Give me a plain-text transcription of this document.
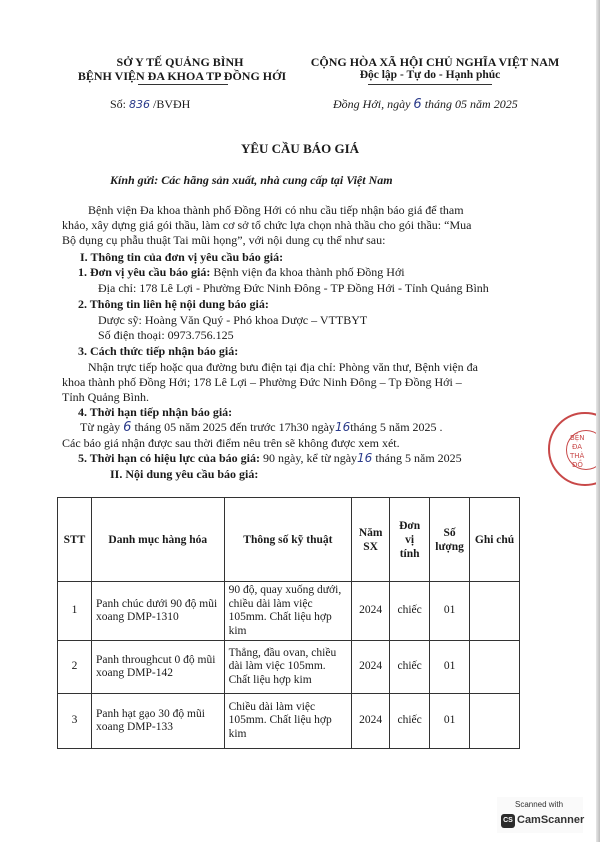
SỞ Y TẾ QUẢNG BÌNH
BỆNH VIỆN ĐA KHOA TP ĐỒNG HỚI
Số: 836 /BVĐH
CỘNG HÒA XÃ HỘI CHỦ NGHĨA VIỆT NAM
Độc lập - Tự do - Hạnh phúc
Đồng Hới, ngày 6 tháng 05 năm 2025
YÊU CẦU BÁO GIÁ
Kính gửi: Các hãng sản xuất, nhà cung cấp tại Việt Nam
Bệnh viện Đa khoa thành phố Đồng Hới có nhu cầu tiếp nhận báo giá để tham
khảo, xây dựng giá gói thầu, làm cơ sở tổ chức lựa chọn nhà thầu cho gói thầu: “Mua
Bộ dụng cụ phẫu thuật Tai mũi họng”, với nội dung cụ thể như sau:
I. Thông tin của đơn vị yêu cầu báo giá:
1. Đơn vị yêu cầu báo giá: Bệnh viện đa khoa thành phố Đồng Hới
Địa chỉ: 178 Lê Lợi - Phường Đức Ninh Đông - TP Đồng Hới - Tỉnh Quảng Bình
2. Thông tin liên hệ nội dung báo giá:
Dược sỹ: Hoàng Văn Quý - Phó khoa Dược – VTTBYT
Số điện thoại: 0973.756.125
3. Cách thức tiếp nhận báo giá:
Nhận trực tiếp hoặc qua đường bưu điện tại địa chỉ: Phòng văn thư, Bệnh viện đa
khoa thành phố Đồng Hới; 178 Lê Lợi – Phường Đức Ninh Đông – Tp Đồng Hới –
Tỉnh Quảng Bình.
4. Thời hạn tiếp nhận báo giá:
Từ ngày 6 tháng 05 năm 2025 đến trước 17h30 ngày16tháng 5 năm 2025 .
Các báo giá nhận được sau thời điểm nêu trên sẽ không được xem xét.
5. Thời hạn có hiệu lực của báo giá: 90 ngày, kể từ ngày16 tháng 5 năm 2025
II. Nội dung yêu cầu báo giá:
STT	Danh mục hàng hóa	Thông số kỹ thuật	Năm SX	Đơn vị tính	Số lượng	Ghi chú
1	Panh chúc dưới 90 độ mũi xoang DMP-1310	90 độ, quay xuống dưới, chiều dài làm việc 105mm. Chất liệu hợp kim	2024	chiếc	01	
2	Panh throughcut 0 độ mũi xoang DMP-142	Thẳng, đầu ovan, chiều dài làm việc 105mm. Chất liệu hợp kim	2024	chiếc	01	
3	Panh hạt gạo 30 độ mũi xoang DMP-133	Chiều dài làm việc 105mm. Chất liệu hợp kim	2024	chiếc	01	
BỆN
ĐA
THÀ
ĐỒ
Scanned with
CS CamScanner
